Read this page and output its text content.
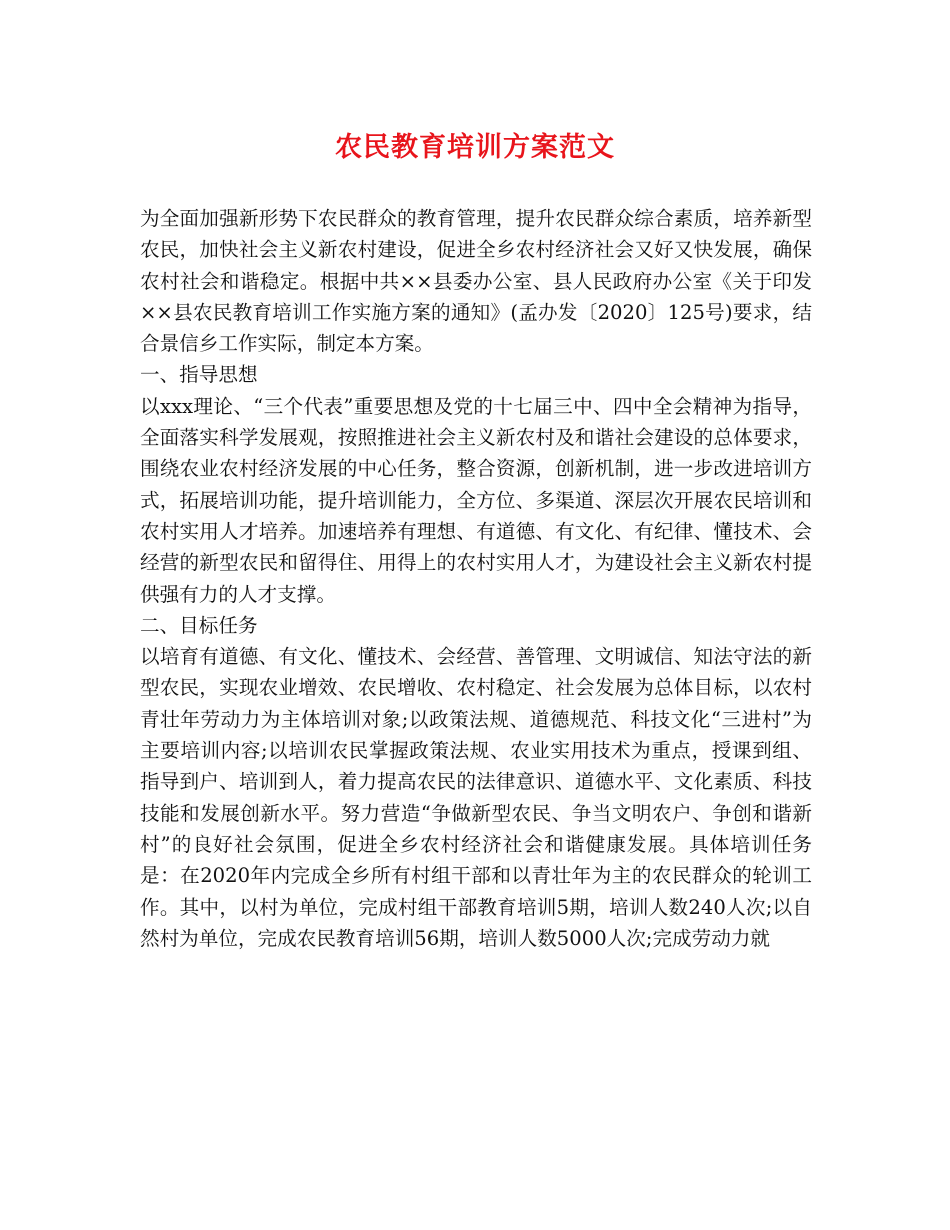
农民教育培训方案范文

为全面加强新形势下农民群众的教育管理，提升农民群众综合素质，培养新型农民，加快社会主义新农村建设，促进全乡农村经济社会又好又快发展，确保农村社会和谐稳定。根据中共××县委办公室、县人民政府办公室《关于印发××县农民教育培训工作实施方案的通知》(孟办发〔2020〕125号)要求，结合景信乡工作实际，制定本方案。

一、指导思想

以xxx理论、“三个代表”重要思想及党的十七届三中、四中全会精神为指导，全面落实科学发展观，按照推进社会主义新农村及和谐社会建设的总体要求，围绕农业农村经济发展的中心任务，整合资源，创新机制，进一步改进培训方式，拓展培训功能，提升培训能力，全方位、多渠道、深层次开展农民培训和农村实用人才培养。加速培养有理想、有道德、有文化、有纪律、懂技术、会经营的新型农民和留得住、用得上的农村实用人才，为建设社会主义新农村提供强有力的人才支撑。

二、目标任务

以培育有道德、有文化、懂技术、会经营、善管理、文明诚信、知法守法的新型农民，实现农业增效、农民增收、农村稳定、社会发展为总体目标，以农村青壮年劳动力为主体培训对象;以政策法规、道德规范、科技文化“三进村”为主要培训内容;以培训农民掌握政策法规、农业实用技术为重点，授课到组、指导到户、培训到人，着力提高农民的法律意识、道德水平、文化素质、科技技能和发展创新水平。努力营造“争做新型农民、争当文明农户、争创和谐新村”的良好社会氛围，促进全乡农村经济社会和谐健康发展。具体培训任务是：在2020年内完成全乡所有村组干部和以青壮年为主的农民群众的轮训工作。其中，以村为单位，完成村组干部教育培训5期，培训人数240人次;以自然村为单位，完成农民教育培训56期，培训人数5000人次;完成劳动力就
